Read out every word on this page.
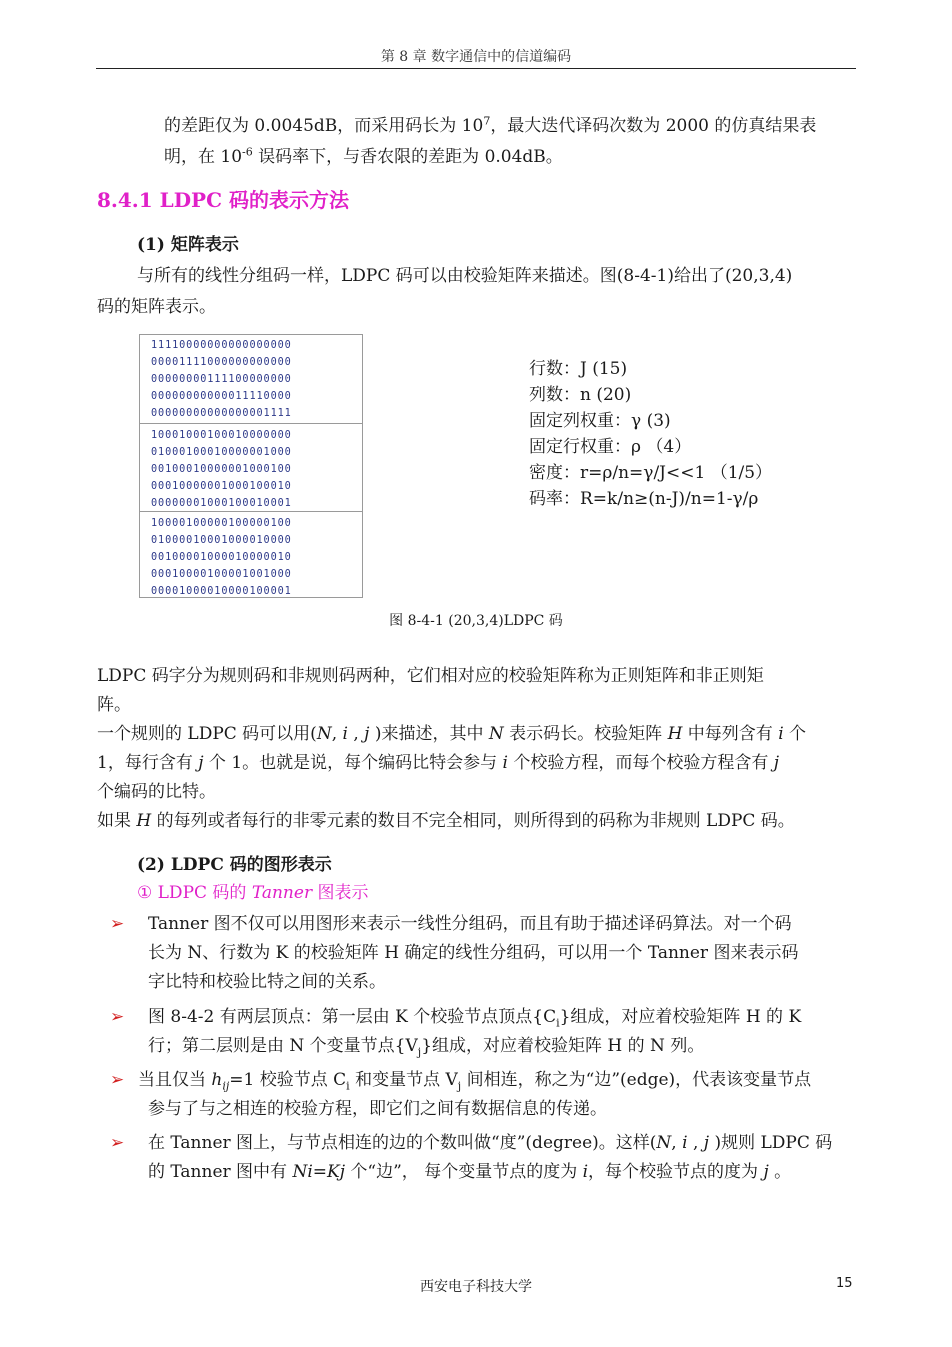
第 8 章 数字通信中的信道编码
的差距仅为 0.0045dB，而采用码长为 $10^7$，最大迭代译码次数为 2000 的仿真结果表
明，在 $10^{-6}$ 误码率下，与香农限的差距为 0.04dB。
8.4.1 LDPC 码的表示方法
(1) 矩阵表示
与所有的线性分组码一样，LDPC 码可以由校验矩阵来描述。图(8-4-1)给出了(20,3,4)
码的矩阵表示。
11110000000000000000
00001111000000000000
00000000111100000000
00000000000011110000
00000000000000001111
10001000100010000000
01000100010000001000
00100010000001000100
00010000001000100010
00000001000100010001
10000100000100000100
01000010001000010000
00100001000010000010
00010000100001001000
00001000010000100001
行数：J (15)
列数：n (20)
固定列权重：γ (3)
固定行权重：ρ （4）
密度：r=ρ/n=γ/J<<1 （1/5）
码率：R=k/n≥(n-J)/n=1-γ/ρ
图 8-4-1 (20,3,4)LDPC 码
LDPC 码字分为规则码和非规则码两种，它们相对应的校验矩阵称为正则矩阵和非正则矩
阵。
一个规则的 LDPC 码可以用(N, i , j )来描述，其中 N 表示码长。校验矩阵 H 中每列含有 i 个
1，每行含有 j 个 1。也就是说，每个编码比特会参与 i 个校验方程，而每个校验方程含有 j
个编码的比特。
如果 H 的每列或者每行的非零元素的数目不完全相同，则所得到的码称为非规则 LDPC 码。
(2) LDPC 码的图形表示
① LDPC 码的 Tanner 图表示
➢ Tanner 图不仅可以用图形来表示一线性分组码，而且有助于描述译码算法。对一个码
长为 N、行数为 K 的校验矩阵 H 确定的线性分组码，可以用一个 Tanner 图来表示码
字比特和校验比特之间的关系。
➢ 图 8-4-2 有两层顶点：第一层由 K 个校验节点顶点$\{C_i\}$组成，对应着校验矩阵 H 的 K
行；第二层则是由 N 个变量节点$\{V_j\}$组成，对应着校验矩阵 H 的 N 列。
➢ 当且仅当 $h_{ij}=1$ 校验节点 $C_i$ 和变量节点 $V_j$ 间相连，称之为“边”(edge)，代表该变量节点
参与了与之相连的校验方程，即它们之间有数据信息的传递。
➢ 在 Tanner 图上，与节点相连的边的个数叫做“度”(degree)。这样(N, i , j )规则 LDPC 码
的 Tanner 图中有 Ni=Kj 个“边”， 每个变量节点的度为 i，每个校验节点的度为 j 。
西安电子科技大学	15
